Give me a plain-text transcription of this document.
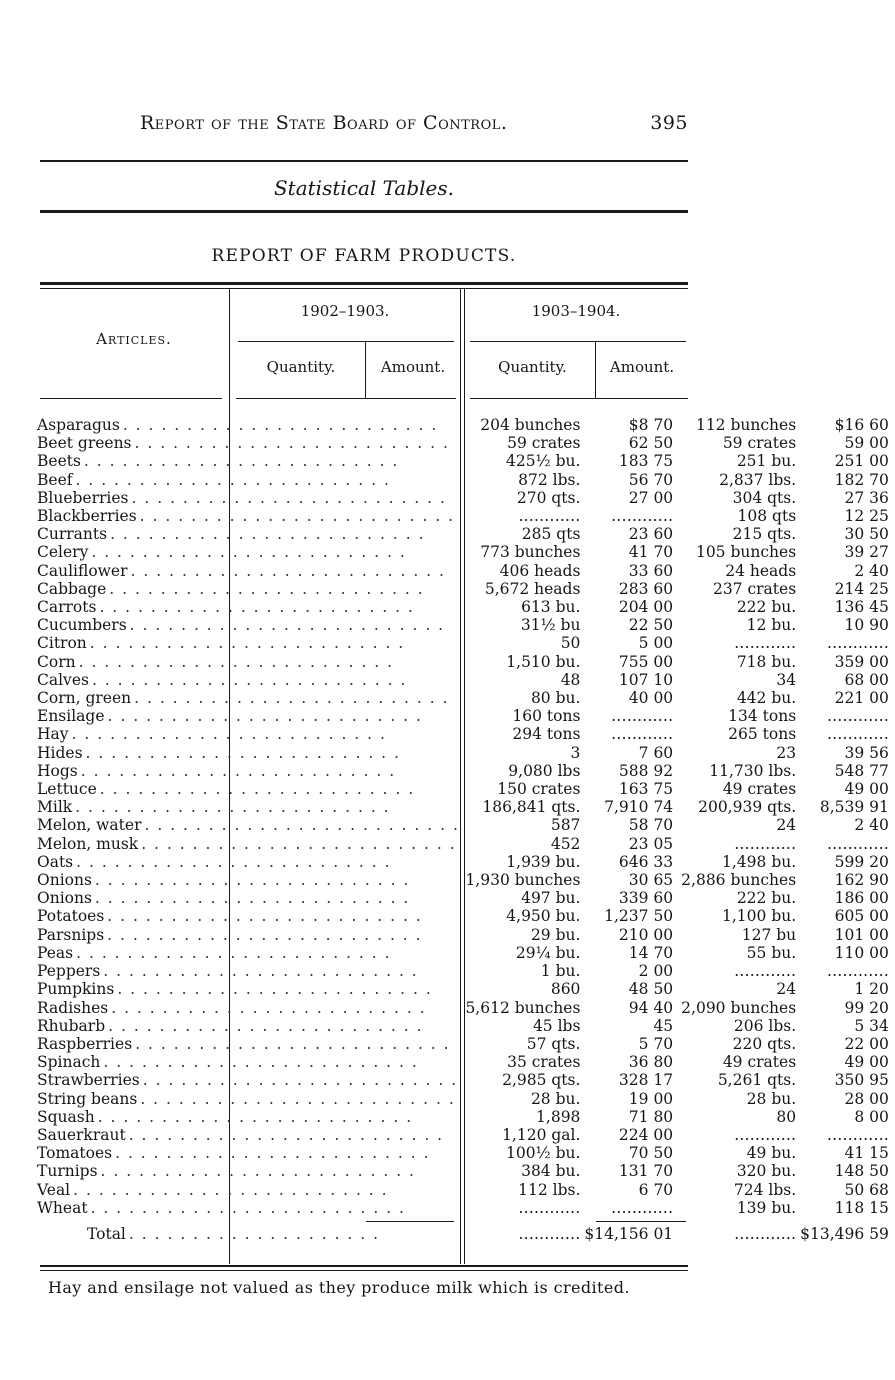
Report of the State Board of Control.	395
Statistical Tables.
REPORT OF FARM PRODUCTS.
Articles.
1902–1903.	1903–1904.
Quantity.	Amount.	Quantity.	Amount.
Asparagus . . . . . . . . . . . . . . . . . . . . . . . . .	204 bunches	$8 70	112 bunches	$16 60

Beet greens . . . . . . . . . . . . . . . . . . . . . . . . .	59 crates	62 50	59 crates	59 00

Beets . . . . . . . . . . . . . . . . . . . . . . . . .	425½ bu.	183 75	251 bu.	251 00

Beef . . . . . . . . . . . . . . . . . . . . . . . . .	872 lbs.	56 70	2,837 lbs.	182 70

Blueberries . . . . . . . . . . . . . . . . . . . . . . . . .	270 qts.	27 00	304 qts.	27 36

Blackberries . . . . . . . . . . . . . . . . . . . . . . . . .	…………	…………	108 qts	12 25

Currants . . . . . . . . . . . . . . . . . . . . . . . . .	285 qts	23 60	215 qts.	30 50

Celery . . . . . . . . . . . . . . . . . . . . . . . . .	773 bunches	41 70	105 bunches	39 27

Cauliflower . . . . . . . . . . . . . . . . . . . . . . . . .	406 heads	33 60	24 heads	2 40

Cabbage . . . . . . . . . . . . . . . . . . . . . . . . .	5,672 heads	283 60	237 crates	214 25

Carrots . . . . . . . . . . . . . . . . . . . . . . . . .	613 bu.	204 00	222 bu.	136 45

Cucumbers . . . . . . . . . . . . . . . . . . . . . . . . .	31½ bu	22 50	12 bu.	10 90

Citron . . . . . . . . . . . . . . . . . . . . . . . . .	50	5 00	…………	…………

Corn . . . . . . . . . . . . . . . . . . . . . . . . .	1,510 bu.	755 00	718 bu.	359 00

Calves . . . . . . . . . . . . . . . . . . . . . . . . .	48	107 10	34	68 00

Corn, green . . . . . . . . . . . . . . . . . . . . . . . . .	80 bu.	40 00	442 bu.	221 00

Ensilage . . . . . . . . . . . . . . . . . . . . . . . . .	160 tons	…………	134 tons	…………

Hay . . . . . . . . . . . . . . . . . . . . . . . . .	294 tons	…………	265 tons	…………

Hides . . . . . . . . . . . . . . . . . . . . . . . . .	3	7 60	23	39 56

Hogs . . . . . . . . . . . . . . . . . . . . . . . . .	9,080 lbs	588 92	11,730 lbs.	548 77

Lettuce . . . . . . . . . . . . . . . . . . . . . . . . .	150 crates	163 75	49 crates	49 00

Milk . . . . . . . . . . . . . . . . . . . . . . . . .	186,841 qts.	7,910 74	200,939 qts.	8,539 91

Melon, water . . . . . . . . . . . . . . . . . . . . . . . . .	587	58 70	24	2 40

Melon, musk . . . . . . . . . . . . . . . . . . . . . . . . .	452	23 05	…………	…………

Oats . . . . . . . . . . . . . . . . . . . . . . . . .	1,939 bu.	646 33	1,498 bu.	599 20

Onions . . . . . . . . . . . . . . . . . . . . . . . . .	1,930 bunches	30 65	2,886 bunches	162 90

Onions . . . . . . . . . . . . . . . . . . . . . . . . .	497 bu.	339 60	222 bu.	186 00

Potatoes . . . . . . . . . . . . . . . . . . . . . . . . .	4,950 bu.	1,237 50	1,100 bu.	605 00

Parsnips . . . . . . . . . . . . . . . . . . . . . . . . .	29 bu.	210 00	127 bu	101 00

Peas . . . . . . . . . . . . . . . . . . . . . . . . .	29¼ bu.	14 70	55 bu.	110 00

Peppers . . . . . . . . . . . . . . . . . . . . . . . . .	1 bu.	2 00	…………	…………

Pumpkins . . . . . . . . . . . . . . . . . . . . . . . . .	860	48 50	24	1 20

Radishes . . . . . . . . . . . . . . . . . . . . . . . . .	5,612 bunches	94 40	2,090 bunches	99 20

Rhubarb . . . . . . . . . . . . . . . . . . . . . . . . .	45 lbs	45	206 lbs.	5 34

Raspberries . . . . . . . . . . . . . . . . . . . . . . . . .	57 qts.	5 70	220 qts.	22 00

Spinach . . . . . . . . . . . . . . . . . . . . . . . . .	35 crates	36 80	49 crates	49 00

Strawberries . . . . . . . . . . . . . . . . . . . . . . . . .	2,985 qts.	328 17	5,261 qts.	350 95

String beans . . . . . . . . . . . . . . . . . . . . . . . . .	28 bu.	19 00	28 bu.	28 00

Squash . . . . . . . . . . . . . . . . . . . . . . . . .	1,898	71 80	80	8 00

Sauerkraut . . . . . . . . . . . . . . . . . . . . . . . . .	1,120 gal.	224 00	…………	…………

Tomatoes . . . . . . . . . . . . . . . . . . . . . . . . .	100½ bu.	70 50	49 bu.	41 15

Turnips . . . . . . . . . . . . . . . . . . . . . . . . .	384 bu.	131 70	320 bu.	148 50

Veal . . . . . . . . . . . . . . . . . . . . . . . . .	112 lbs.	6 70	724 lbs.	50 68

Wheat . . . . . . . . . . . . . . . . . . . . . . . . .	…………	…………	139 bu.	118 15

Total . . . . . . . . . . . . . . . . . . . .	…………	$14,156 01	…………	$13,496 59
Hay and ensilage not valued as they produce milk which is credited.
